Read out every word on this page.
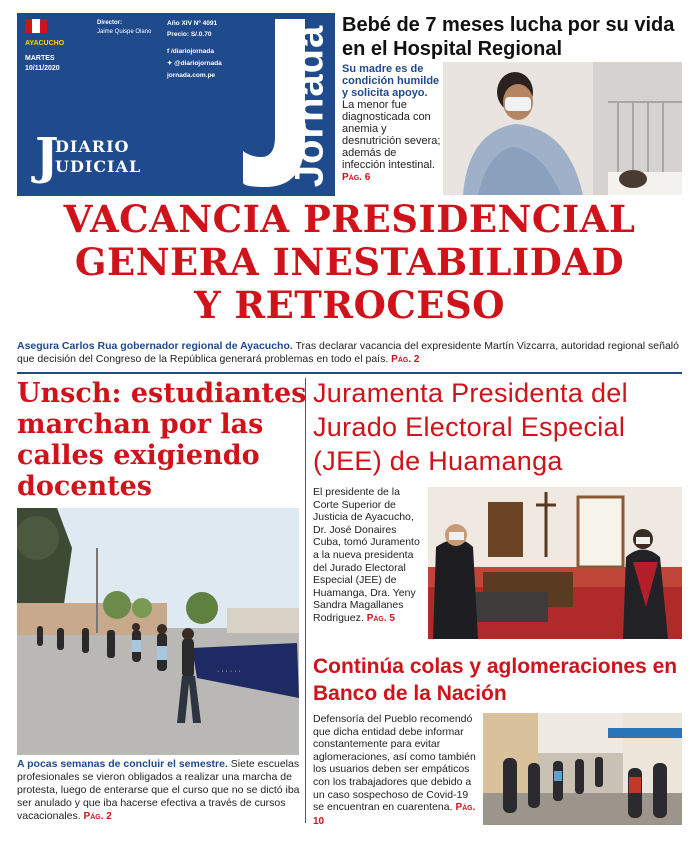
AYACUCHO
MARTES
10/11/2020
Director:
Jaime Quispe Olano
Año XIV Nº 4091
Precio: S/.0.70
f /diariojornada
✦ @diariojornada
jornada.com.pe Jornada
J
DIARIO
UDICIAL
Bebé de 7 meses lucha por su vida en el Hospital Regional
Su madre es de condición humilde y solicita apoyo. La menor fue diagnosticada con anemia y desnutrición severa; además de infección intestinal. Pág. 6
VACANCIA PRESIDENCIAL
GENERA INESTABILIDAD
Y RETROCESO
Asegura Carlos Rua gobernador regional de Ayacucho. Tras declarar vacancia del expresidente Martín Vizcarra, autoridad regional señaló que decisión del Congreso de la República generará problemas en todo el país. Pág. 2
Unsch: estudiantes marchan por las calles exigiendo docentes
· · · · · ·
A pocas semanas de concluir el semestre. Siete escuelas profesionales se vieron obligados a realizar una marcha de protesta, luego de enterarse que el curso que no se dictó iba ser anulado y que iba hacerse efectiva a través de cursos vacacionales. Pág. 2
Juramenta Presidenta del Jurado Electoral Especial (JEE) de Huamanga
El presidente de la Corte Superior de Justicia de Ayacucho, Dr. José Donaires Cuba, tomó Juramento a la nueva presidenta del Jurado Electoral Especial (JEE) de Huamanga, Dra. Yeny Sandra Magallanes Rodriguez. Pág. 5
Continúa colas y aglomeraciones en Banco de la Nación
Defensoría del Pueblo recomendó que dicha entidad debe informar constantemente para evitar aglomeraciones, así como también los usuarios deben ser empáticos con los trabajadores que debido a un caso sospechoso de Covid-19 se encuentran en cuarentena. Pág. 10
